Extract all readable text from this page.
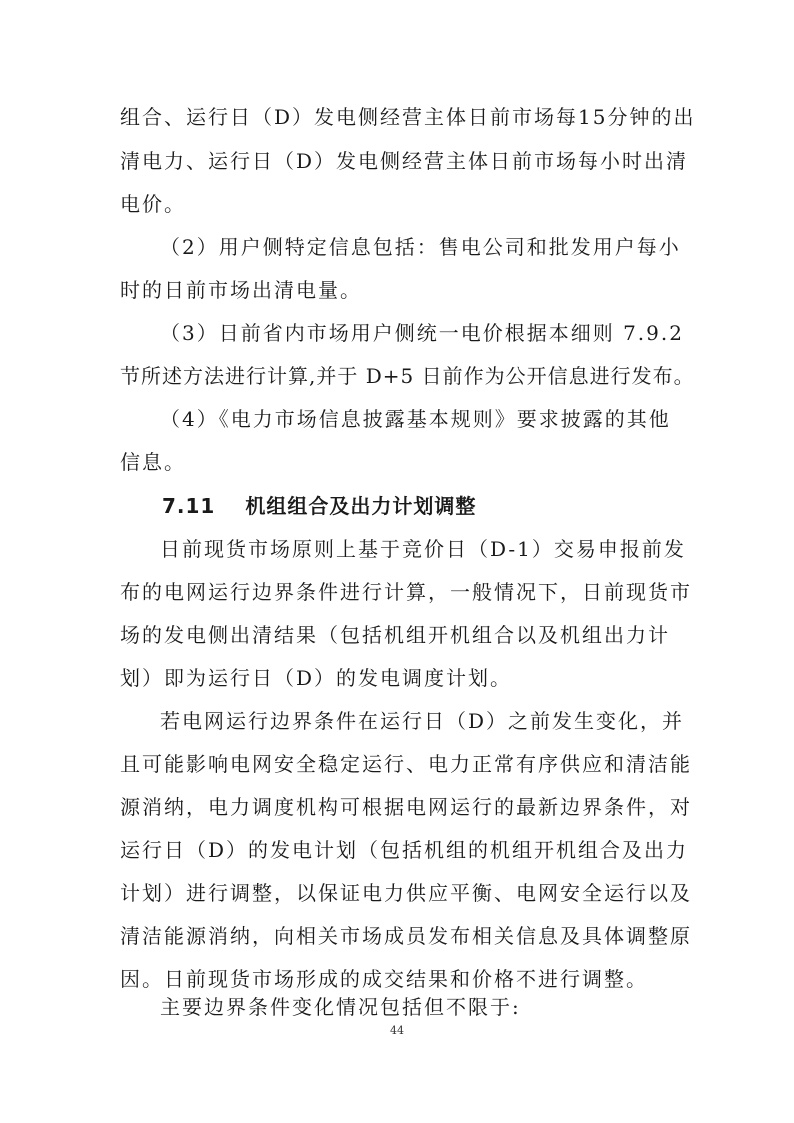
组合、运行日（D）发电侧经营主体日前市场每15分钟的出
清电力、运行日（D）发电侧经营主体日前市场每小时出清
电价。
（2）用户侧特定信息包括：售电公司和批发用户每小
时的日前市场出清电量。
（3）日前省内市场用户侧统一电价根据本细则 7.9.2
节所述方法进行计算,并于 D+5 日前作为公开信息进行发布。
（4）《电力市场信息披露基本规则》要求披露的其他
信息。
7.11 机组组合及出力计划调整
日前现货市场原则上基于竞价日（D-1）交易申报前发
布的电网运行边界条件进行计算，一般情况下，日前现货市
场的发电侧出清结果（包括机组开机组合以及机组出力计
划）即为运行日（D）的发电调度计划。
若电网运行边界条件在运行日（D）之前发生变化，并
且可能影响电网安全稳定运行、电力正常有序供应和清洁能
源消纳，电力调度机构可根据电网运行的最新边界条件，对
运行日（D）的发电计划（包括机组的机组开机组合及出力
计划）进行调整，以保证电力供应平衡、电网安全运行以及
清洁能源消纳，向相关市场成员发布相关信息及具体调整原
因。日前现货市场形成的成交结果和价格不进行调整。
主要边界条件变化情况包括但不限于:
44
